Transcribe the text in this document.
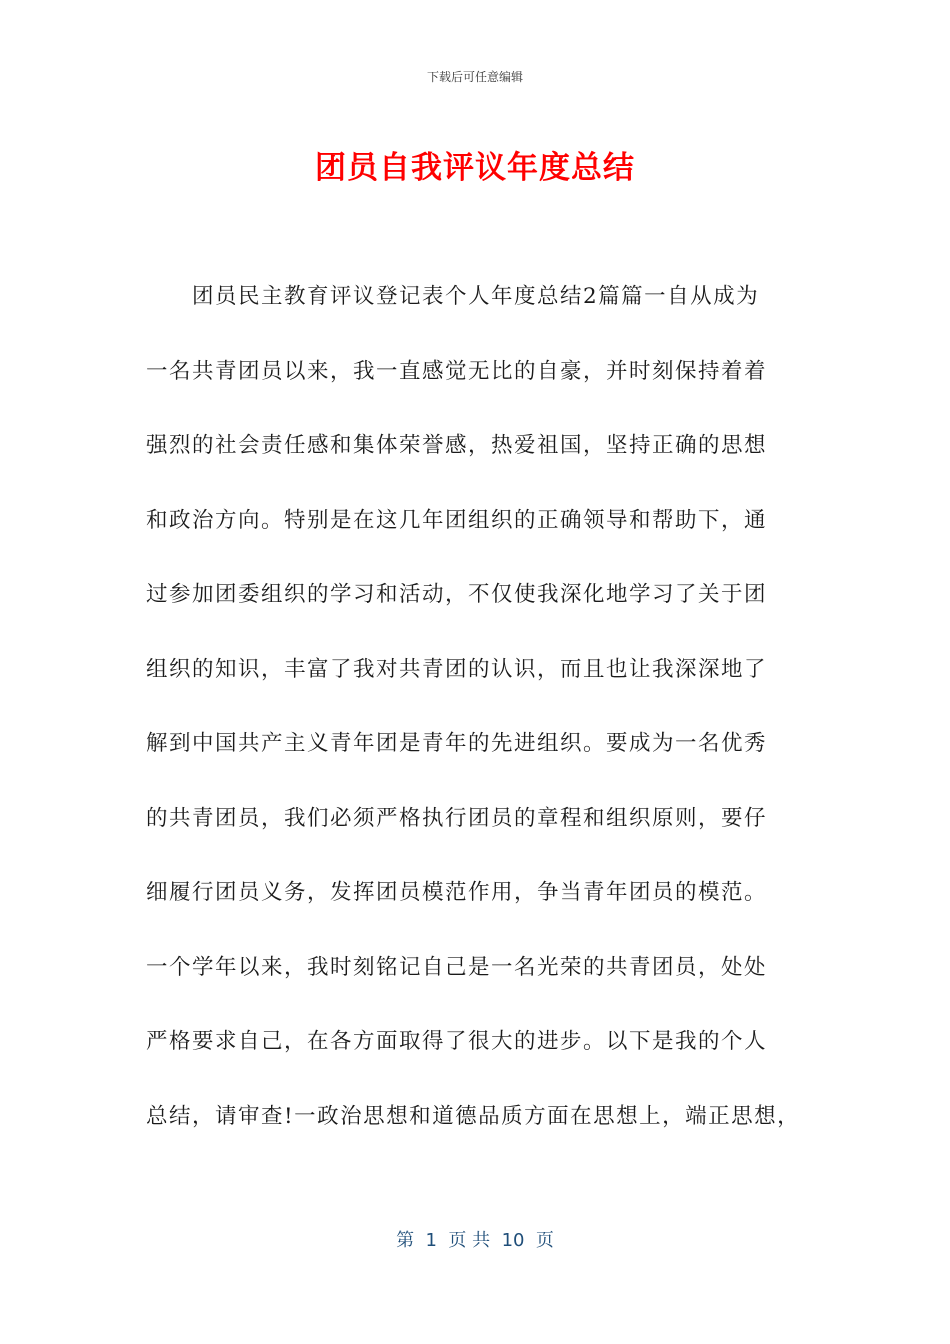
下载后可任意编辑
团员自我评议年度总结
　　团员民主教育评议登记表个人年度总结2篇篇一自从成为
一名共青团员以来，我一直感觉无比的自豪，并时刻保持着着
强烈的社会责任感和集体荣誉感，热爱祖国，坚持正确的思想
和政治方向。特别是在这几年团组织的正确领导和帮助下，通
过参加团委组织的学习和活动，不仅使我深化地学习了关于团
组织的知识，丰富了我对共青团的认识，而且也让我深深地了
解到中国共产主义青年团是青年的先进组织。要成为一名优秀
的共青团员，我们必须严格执行团员的章程和组织原则，要仔
细履行团员义务，发挥团员模范作用，争当青年团员的模范。
一个学年以来，我时刻铭记自己是一名光荣的共青团员，处处
严格要求自己，在各方面取得了很大的进步。以下是我的个人
总结，请审查!一政治思想和道德品质方面在思想上，端正思想，
第  1  页 共  10  页
